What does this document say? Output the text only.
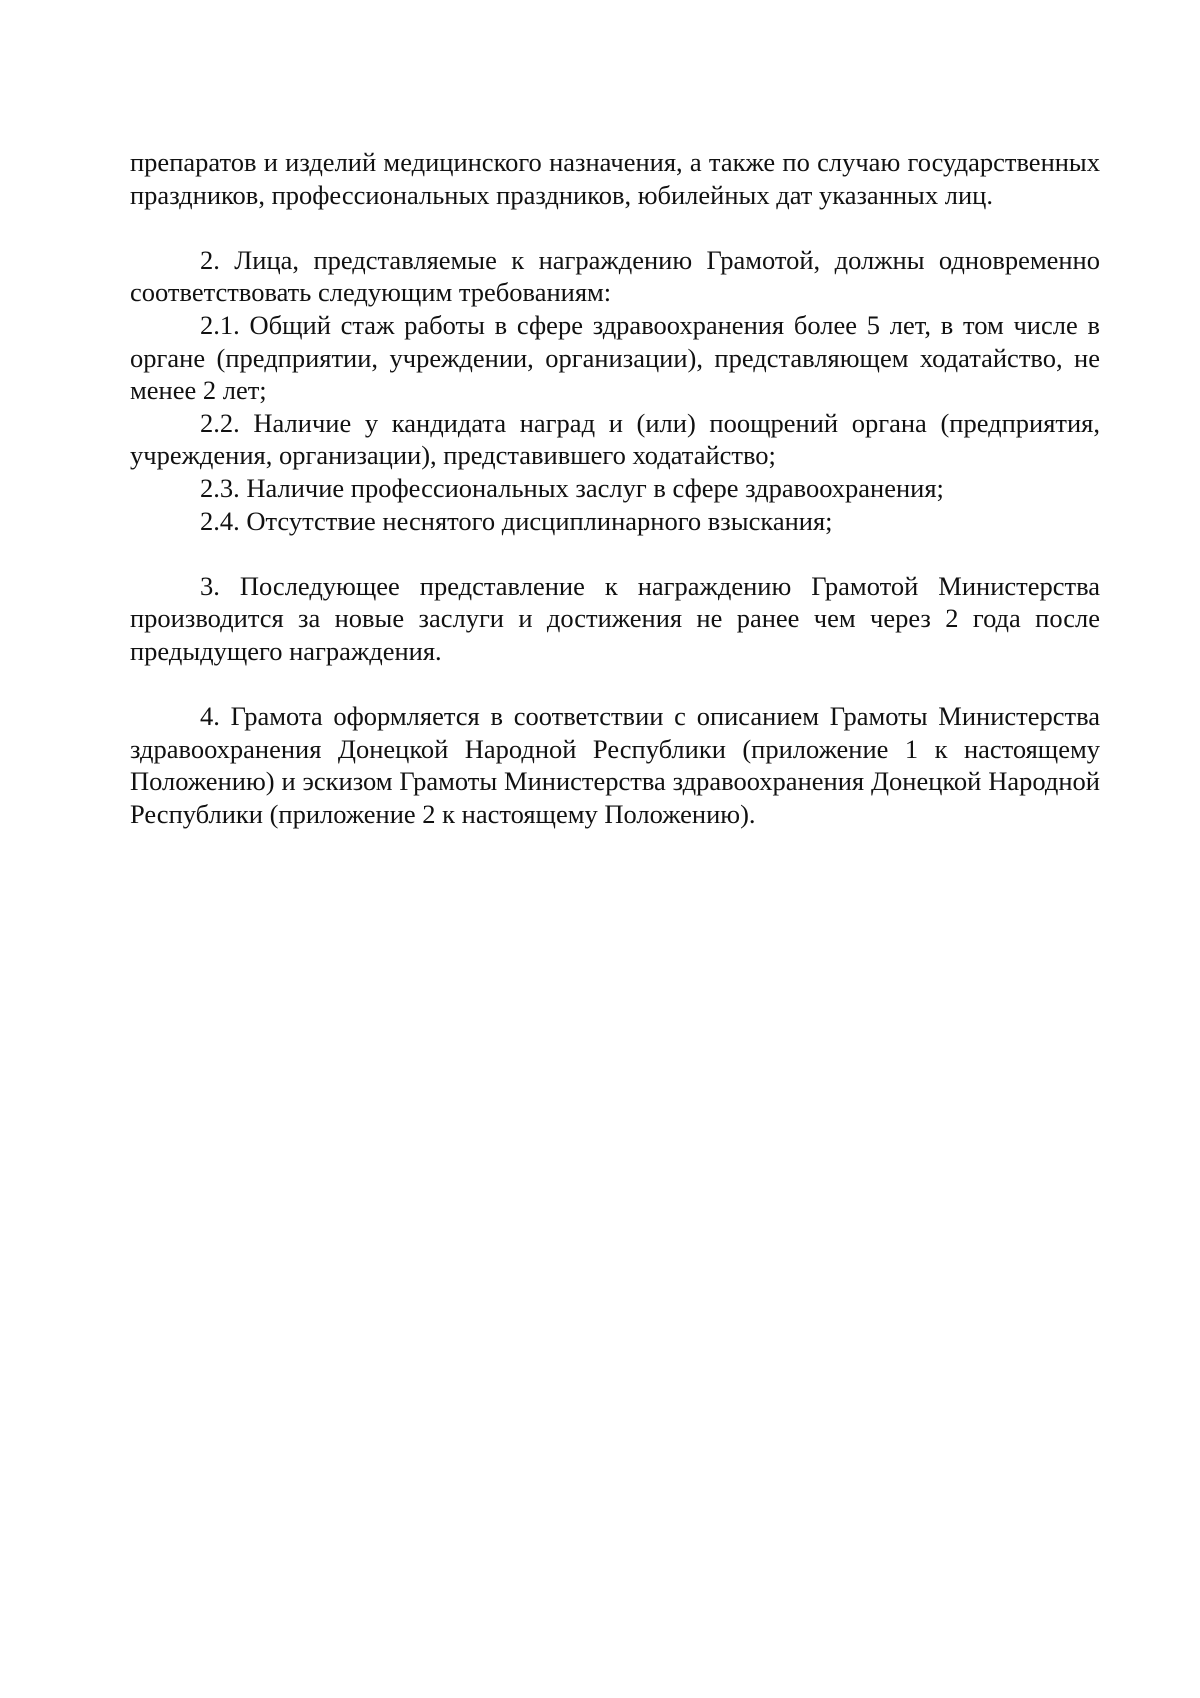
препаратов и изделий медицинского назначения, а также по случаю государственных праздников, профессиональных праздников, юбилейных дат указанных лиц.

2. Лица, представляемые к награждению Грамотой, должны одновременно соответствовать следующим требованиям:

2.1. Общий стаж работы в сфере здравоохранения более 5 лет, в том числе в органе (предприятии, учреждении, организации), представляющем ходатайство, не менее 2 лет;

2.2. Наличие у кандидата наград и (или) поощрений органа (предприятия, учреждения, организации), представившего ходатайство;

2.3. Наличие профессиональных заслуг в сфере здравоохранения;

2.4. Отсутствие неснятого дисциплинарного взыскания;

3. Последующее представление к награждению Грамотой Министерства производится за новые заслуги и достижения не ранее чем через 2 года после предыдущего награждения.

4. Грамота оформляется в соответствии с описанием Грамоты Министерства здравоохранения Донецкой Народной Республики (приложение 1 к настоящему Положению) и эскизом Грамоты Министерства здравоохранения Донецкой Народной Республики (приложение 2 к настоящему Положению).
